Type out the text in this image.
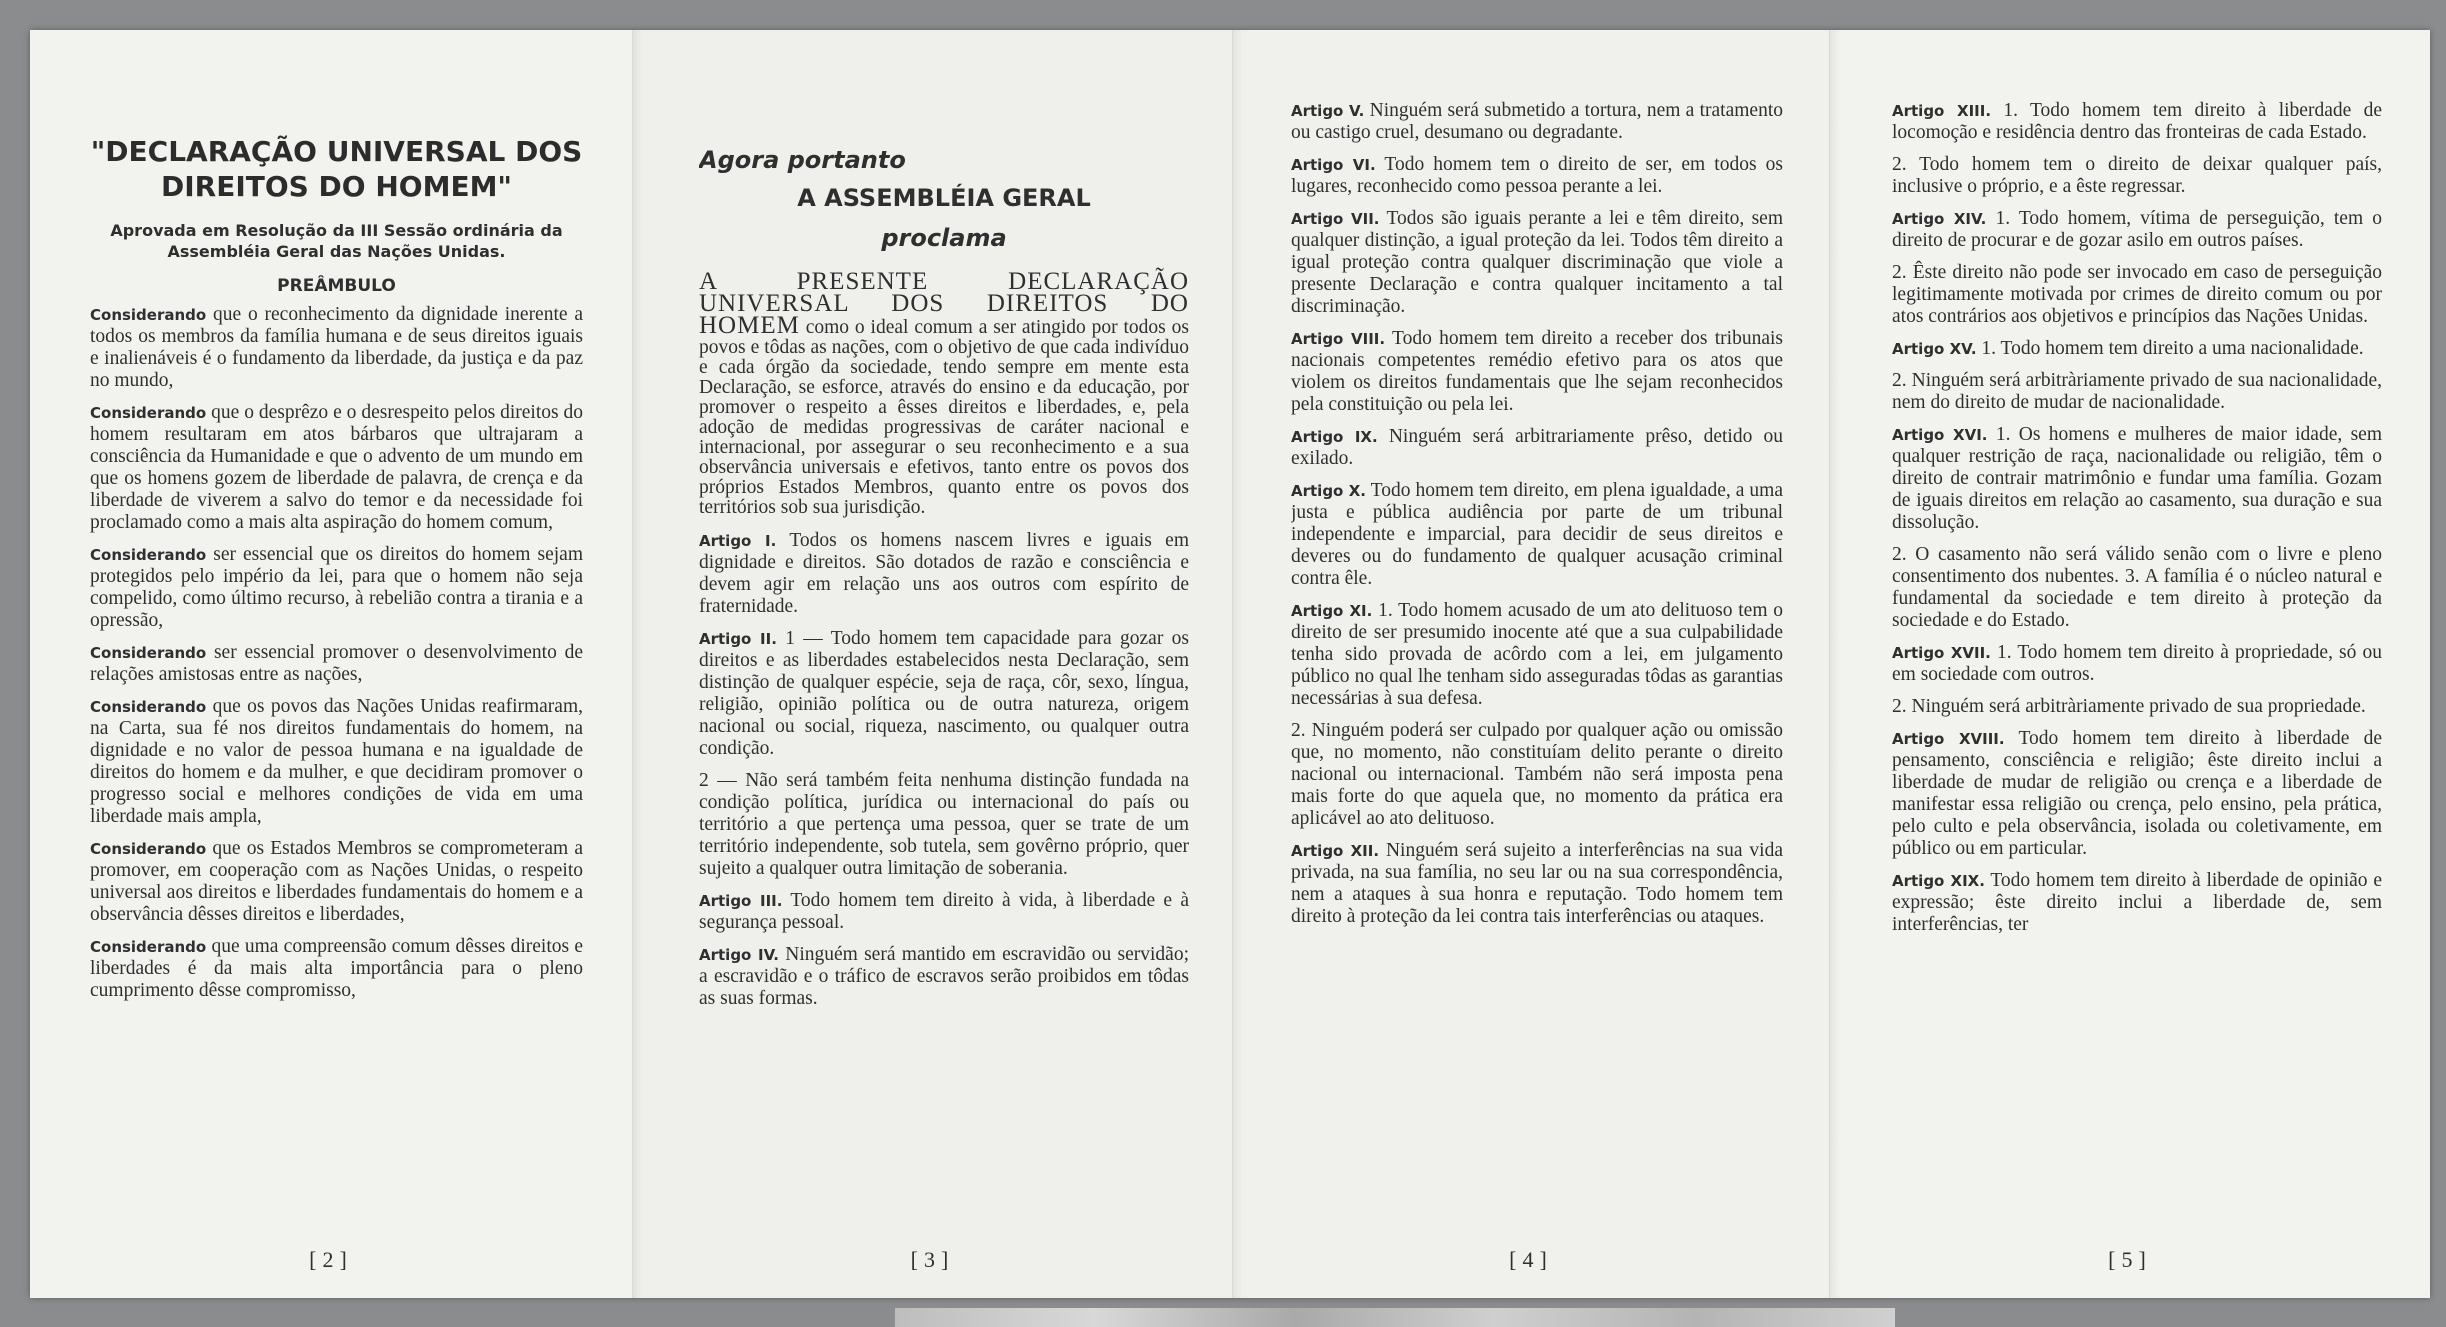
"DECLARAÇÃO UNIVERSAL DOS DIREITOS DO HOMEM"
Aprovada em Resolução da III Sessão ordinária da Assembléia Geral das Nações Unidas.
PREÂMBULO

Considerando que o reconhecimento da dignidade inerente a todos os membros da família humana e de seus direitos iguais e inalienáveis é o fundamento da liberdade, da justiça e da paz no mundo,

Considerando que o desprêzo e o desrespeito pelos direitos do homem resultaram em atos bárbaros que ultrajaram a consciência da Humanidade e que o advento de um mundo em que os homens gozem de liberdade de palavra, de crença e da liberdade de viverem a salvo do temor e da necessidade foi proclamado como a mais alta aspiração do homem comum,

Considerando ser essencial que os direitos do homem sejam protegidos pelo império da lei, para que o homem não seja compelido, como último recurso, à rebelião contra a tirania e a opressão,

Considerando ser essencial promover o desenvolvimento de relações amistosas entre as nações,

Considerando que os povos das Nações Unidas reafirmaram, na Carta, sua fé nos direitos fundamentais do homem, na dignidade e no valor de pessoa humana e na igualdade de direitos do homem e da mulher, e que decidiram promover o progresso social e melhores condições de vida em uma liberdade mais ampla,

Considerando que os Estados Membros se comprometeram a promover, em cooperação com as Nações Unidas, o respeito universal aos direitos e liberdades fundamentais do homem e a observância dêsses direitos e liberdades,

Considerando que uma compreensão comum dêsses direitos e liberdades é da mais alta importância para o pleno cumprimento dêsse compromisso,

[2]
Agora portanto
A ASSEMBLÉIA GERAL
proclama

A PRESENTE DECLARAÇÃO UNIVERSAL DOS DIREITOS DO HOMEM como o ideal comum a ser atingido por todos os povos e tôdas as nações, com o objetivo de que cada indivíduo e cada órgão da sociedade, tendo sempre em mente esta Declaração, se esforce, através do ensino e da educação, por promover o respeito a êsses direitos e liberdades, e, pela adoção de medidas progressivas de caráter nacional e internacional, por assegurar o seu reconhecimento e a sua observância universais e efetivos, tanto entre os povos dos próprios Estados Membros, quanto entre os povos dos territórios sob sua jurisdição.

Artigo I. Todos os homens nascem livres e iguais em dignidade e direitos. São dotados de razão e consciência e devem agir em relação uns aos outros com espírito de fraternidade.

Artigo II. 1 — Todo homem tem capacidade para gozar os direitos e as liberdades estabelecidos nesta Declaração, sem distinção de qualquer espécie, seja de raça, côr, sexo, língua, religião, opinião política ou de outra natureza, origem nacional ou social, riqueza, nascimento, ou qualquer outra condição.

2 — Não será também feita nenhuma distinção fundada na condição política, jurídica ou internacional do país ou território a que pertença uma pessoa, quer se trate de um território independente, sob tutela, sem govêrno próprio, quer sujeito a qualquer outra limitação de soberania.

Artigo III. Todo homem tem direito à vida, à liberdade e à segurança pessoal.

Artigo IV. Ninguém será mantido em escravidão ou servidão; a escravidão e o tráfico de escravos serão proibidos em tôdas as suas formas.

[3]

Artigo V. Ninguém será submetido a tortura, nem a tratamento ou castigo cruel, desumano ou degradante.

Artigo VI. Todo homem tem o direito de ser, em todos os lugares, reconhecido como pessoa perante a lei.

Artigo VII. Todos são iguais perante a lei e têm direito, sem qualquer distinção, a igual proteção da lei. Todos têm direito a igual proteção contra qualquer discriminação que viole a presente Declaração e contra qualquer incitamento a tal discriminação.

Artigo VIII. Todo homem tem direito a receber dos tribunais nacionais competentes remédio efetivo para os atos que violem os direitos fundamentais que lhe sejam reconhecidos pela constituição ou pela lei.

Artigo IX. Ninguém será arbitrariamente prêso, detido ou exilado.

Artigo X. Todo homem tem direito, em plena igualdade, a uma justa e pública audiência por parte de um tribunal independente e imparcial, para decidir de seus direitos e deveres ou do fundamento de qualquer acusação criminal contra êle.

Artigo XI. 1. Todo homem acusado de um ato delituoso tem o direito de ser presumido inocente até que a sua culpabilidade tenha sido provada de acôrdo com a lei, em julgamento público no qual lhe tenham sido asseguradas tôdas as garantias necessárias à sua defesa.

2. Ninguém poderá ser culpado por qualquer ação ou omissão que, no momento, não constituíam delito perante o direito nacional ou internacional. Também não será imposta pena mais forte do que aquela que, no momento da prática era aplicável ao ato delituoso.

Artigo XII. Ninguém será sujeito a interferências na sua vida privada, na sua família, no seu lar ou na sua correspondência, nem a ataques à sua honra e reputação. Todo homem tem direito à proteção da lei contra tais interferências ou ataques.

[4]

Artigo XIII. 1. Todo homem tem direito à liberdade de locomoção e residência dentro das fronteiras de cada Estado.

2. Todo homem tem o direito de deixar qualquer país, inclusive o próprio, e a êste regressar.

Artigo XIV. 1. Todo homem, vítima de perseguição, tem o direito de procurar e de gozar asilo em outros países.

2. Êste direito não pode ser invocado em caso de perseguição legitimamente motivada por crimes de direito comum ou por atos contrários aos objetivos e princípios das Nações Unidas.

Artigo XV. 1. Todo homem tem direito a uma nacionalidade.

2. Ninguém será arbitràriamente privado de sua nacionalidade, nem do direito de mudar de nacionalidade.

Artigo XVI. 1. Os homens e mulheres de maior idade, sem qualquer restrição de raça, nacionalidade ou religião, têm o direito de contrair matrimônio e fundar uma família. Gozam de iguais direitos em relação ao casamento, sua duração e sua dissolução.

2. O casamento não será válido senão com o livre e pleno consentimento dos nubentes. 3. A família é o núcleo natural e fundamental da sociedade e tem direito à proteção da sociedade e do Estado.

Artigo XVII. 1. Todo homem tem direito à propriedade, só ou em sociedade com outros.

2. Ninguém será arbitràriamente privado de sua propriedade.

Artigo XVIII. Todo homem tem direito à liberdade de pensamento, consciência e religião; êste direito inclui a liberdade de mudar de religião ou crença e a liberdade de manifestar essa religião ou crença, pelo ensino, pela prática, pelo culto e pela observância, isolada ou coletivamente, em público ou em particular.

Artigo XIX. Todo homem tem direito à liberdade de opinião e expressão; êste direito inclui a liberdade de, sem interferências, ter

[5]
